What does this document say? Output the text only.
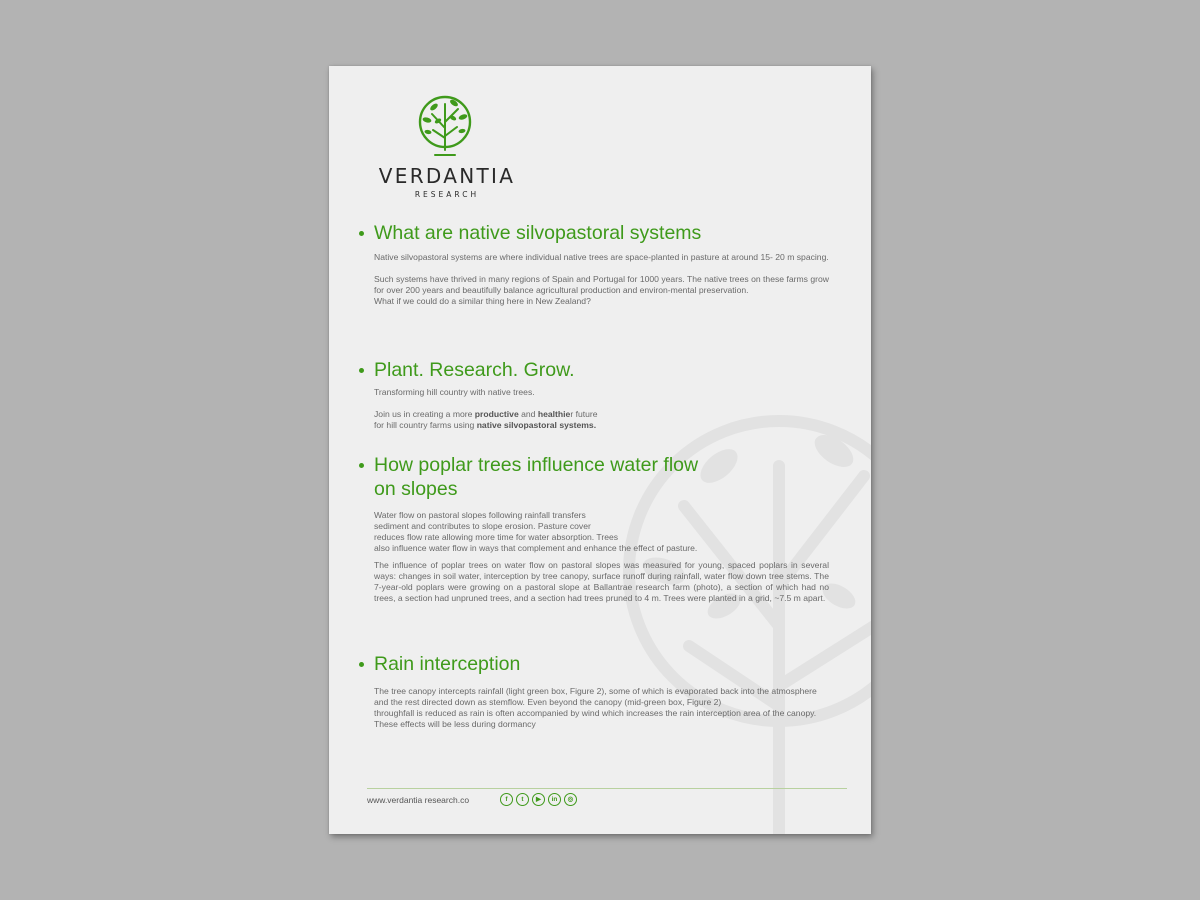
VERDANTIA
RESEARCH
What are native silvopastoral systems

Native silvopastoral systems are where individual native trees are space-planted in pasture at around 15- 20 m spacing.

Such systems have thrived in many regions of Spain and Portugal for 1000 years. The native trees on these farms grow for over 200 years and beautifully balance agricultural production and environ-mental preservation.

What if we could do a similar thing here in New Zealand?

Plant. Research. Grow.

Transforming hill country with native trees.

Join us in creating a more productive and healthier future
for hill country farms using native silvopastoral systems.

How poplar trees influence water flow on slopes

Water flow on pastoral slopes following rainfall transfers

sediment and contributes to slope erosion. Pasture cover

reduces flow rate allowing more time for water absorption. Trees

also influence water flow in ways that complement and enhance the effect of pasture.

The influence of poplar trees on water flow on pastoral slopes was measured for young, spaced poplars in several ways: changes in soil water, interception by tree canopy, surface runoff during rainfall, water flow down tree stems. The 7-year-old poplars were growing on a pastoral slope at Ballantrae research farm (photo), a section of which had no trees, a section had unpruned trees, and a section had trees pruned to 4 m. Trees were planted in a grid, ~7.5 m apart.

Rain interception

The tree canopy intercepts rainfall (light green box, Figure 2), some of which is evaporated back into the atmosphere and the rest directed down as stemflow. Even beyond the canopy (mid-green box, Figure 2)

throughfall is reduced as rain is often accompanied by wind which increases the rain interception area of the canopy. These effects will be less during dormancy

www.verdantia research.co	f	t	▶	in	◎
